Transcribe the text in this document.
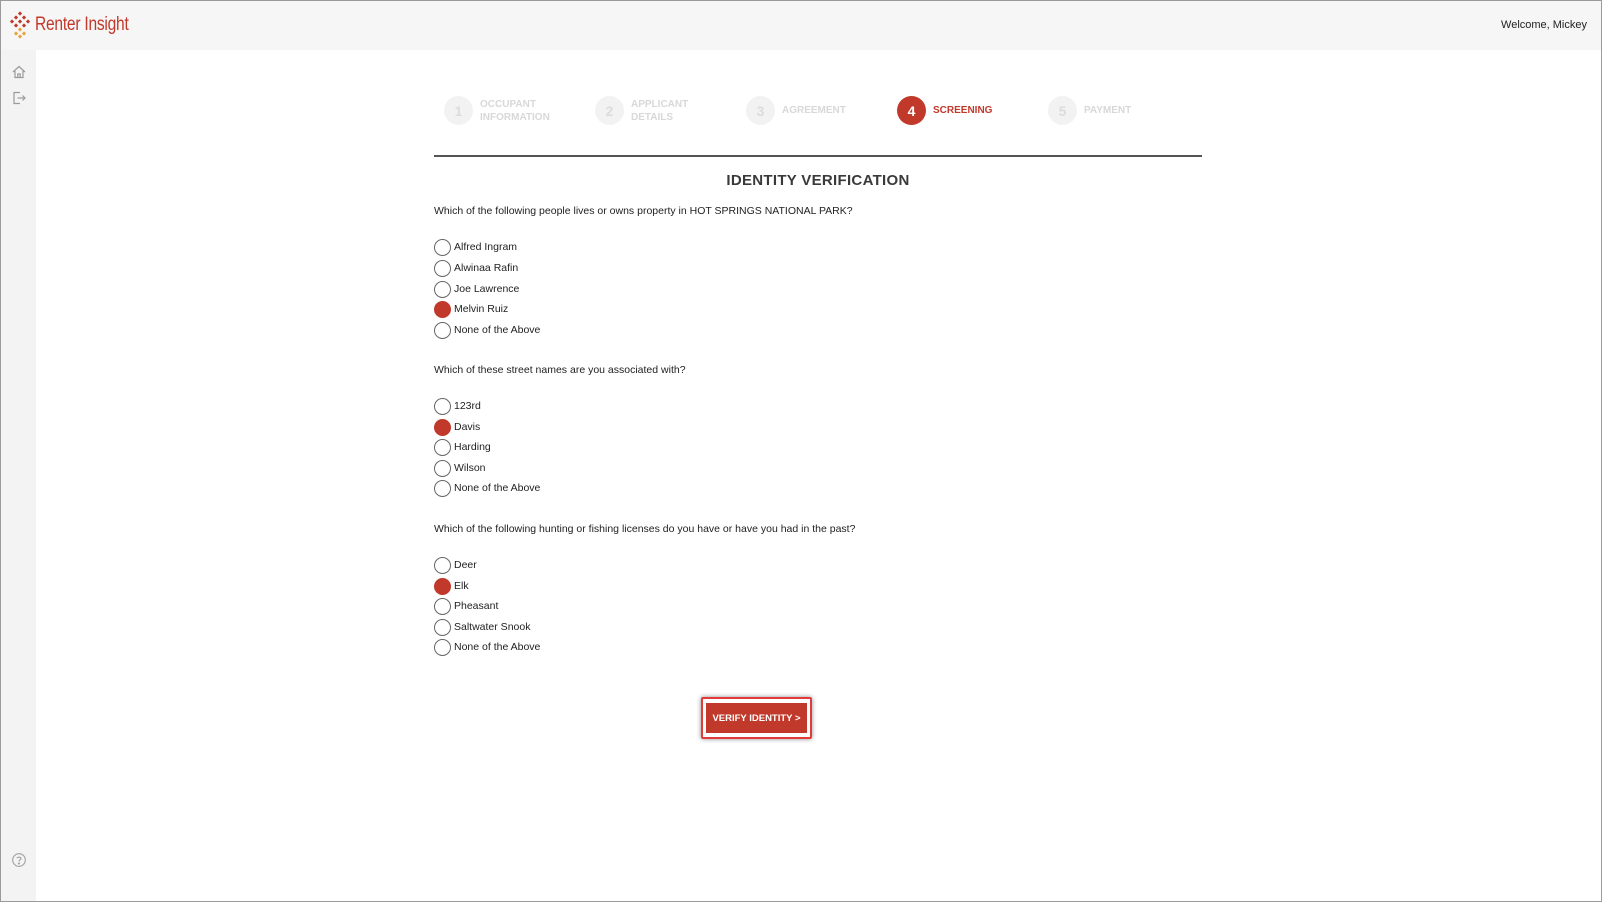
Renter Insight	Welcome, Mickey
1	OCCUPANT
INFORMATION	2	APPLICANT
DETAILS	3	AGREEMENT	4	SCREENING	5	PAYMENT
IDENTITY VERIFICATION
Which of the following people lives or owns property in HOT SPRINGS NATIONAL PARK?
Alfred Ingram
Alwinaa Rafin
Joe Lawrence
Melvin Ruiz
None of the Above
Which of these street names are you associated with?
123rd
Davis
Harding
Wilson
None of the Above
Which of the following hunting or fishing licenses do you have or have you had in the past?
Deer
Elk
Pheasant
Saltwater Snook
None of the Above
VERIFY IDENTITY >
